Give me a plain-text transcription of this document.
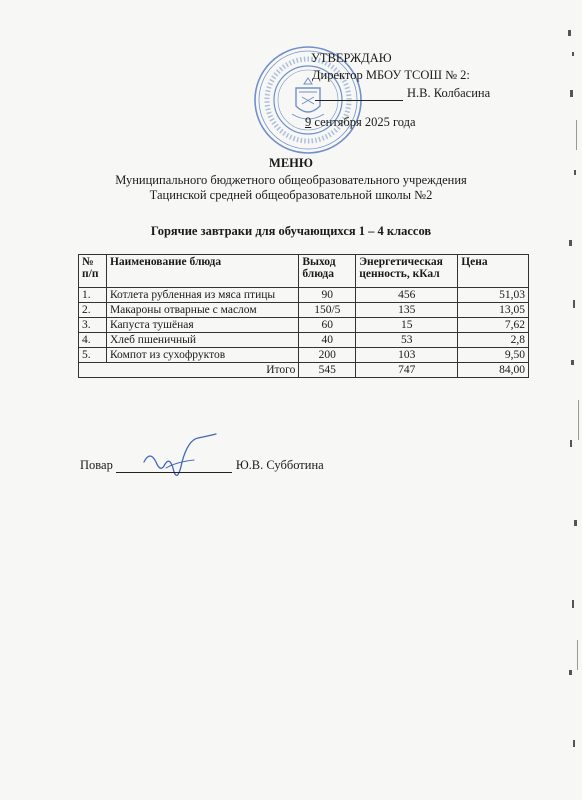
УТВЕРЖДАЮ
Директор МБОУ ТСОШ № 2:
Н.В. Колбасина
9 сентября 2025 года
МЕНЮ
Муниципального бюджетного общеобразовательного учреждения
Тацинской средней общеобразовательной школы №2
Горячие завтраки для обучающихся 1 – 4 классов
№ п/п	Наименование блюда	Выход блюда	Энергетическая ценность, кКал	Цена
1.	Котлета рубленная из мяса птицы	90	456	51,03
2.	Макароны отварные с маслом	150/5	135	13,05
3.	Капуста тушёная	60	15	7,62
4.	Хлеб пшеничный	40	53	2,8
5.	Компот из сухофруктов	200	103	9,50
Итого		545	747	84,00
Повар	Ю.В. Субботина
